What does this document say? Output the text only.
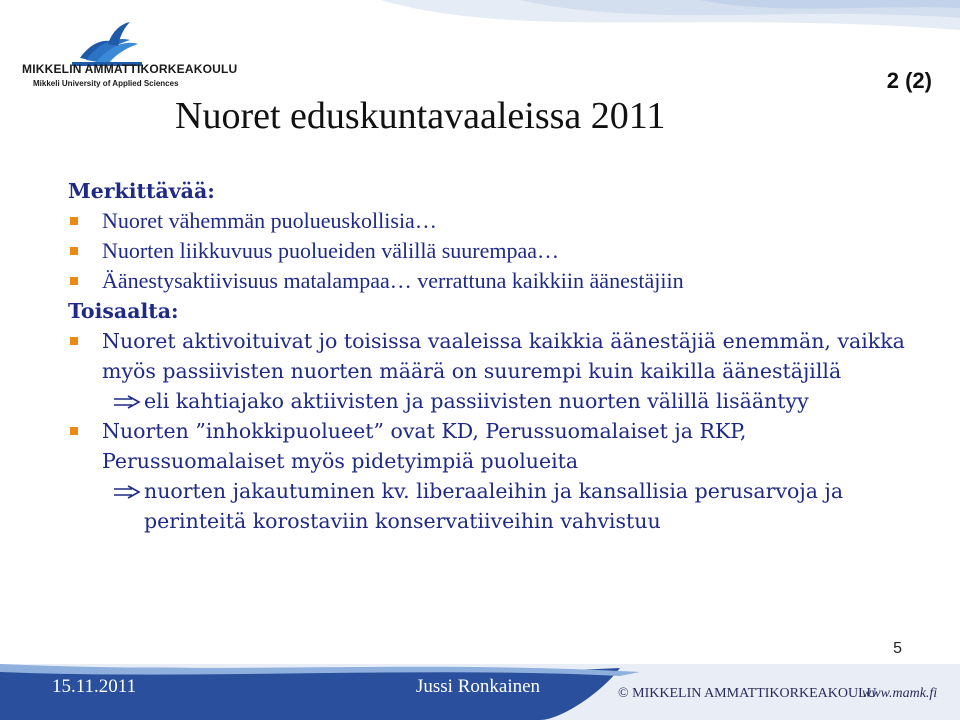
MIKKELIN AMMATTIKORKEAKOULU
Mikkeli University of Applied Sciences	2 (2)
Nuoret eduskuntavaaleissa 2011

Merkittävää:

Nuoret vähemmän puolueuskollisia…

Nuorten liikkuvuus puolueiden välillä suurempaa…

Äänestysaktiivisuus matalampaa… verrattuna kaikkiin äänestäjiin

Toisaalta:

Nuoret aktivoituivat jo toisissa vaaleissa kaikkia äänestäjiä enemmän, vaikka myös passiivisten nuorten määrä on suurempi kuin kaikilla äänestäjillä

eli kahtiajako aktiivisten ja passiivisten nuorten välillä lisääntyy

Nuorten ”inhokkipuolueet” ovat KD, Perussuomalaiset ja RKP, Perussuomalaiset myös pidetyimpiä puolueita

nuorten jakautuminen kv. liberaaleihin ja kansallisia perusarvoja ja perinteitä korostaviin konservatiiveihin vahvistuu

5
15.11.2011	Jussi Ronkainen	© MIKKELIN AMMATTIKORKEAKOULU
www.mamk.fi
